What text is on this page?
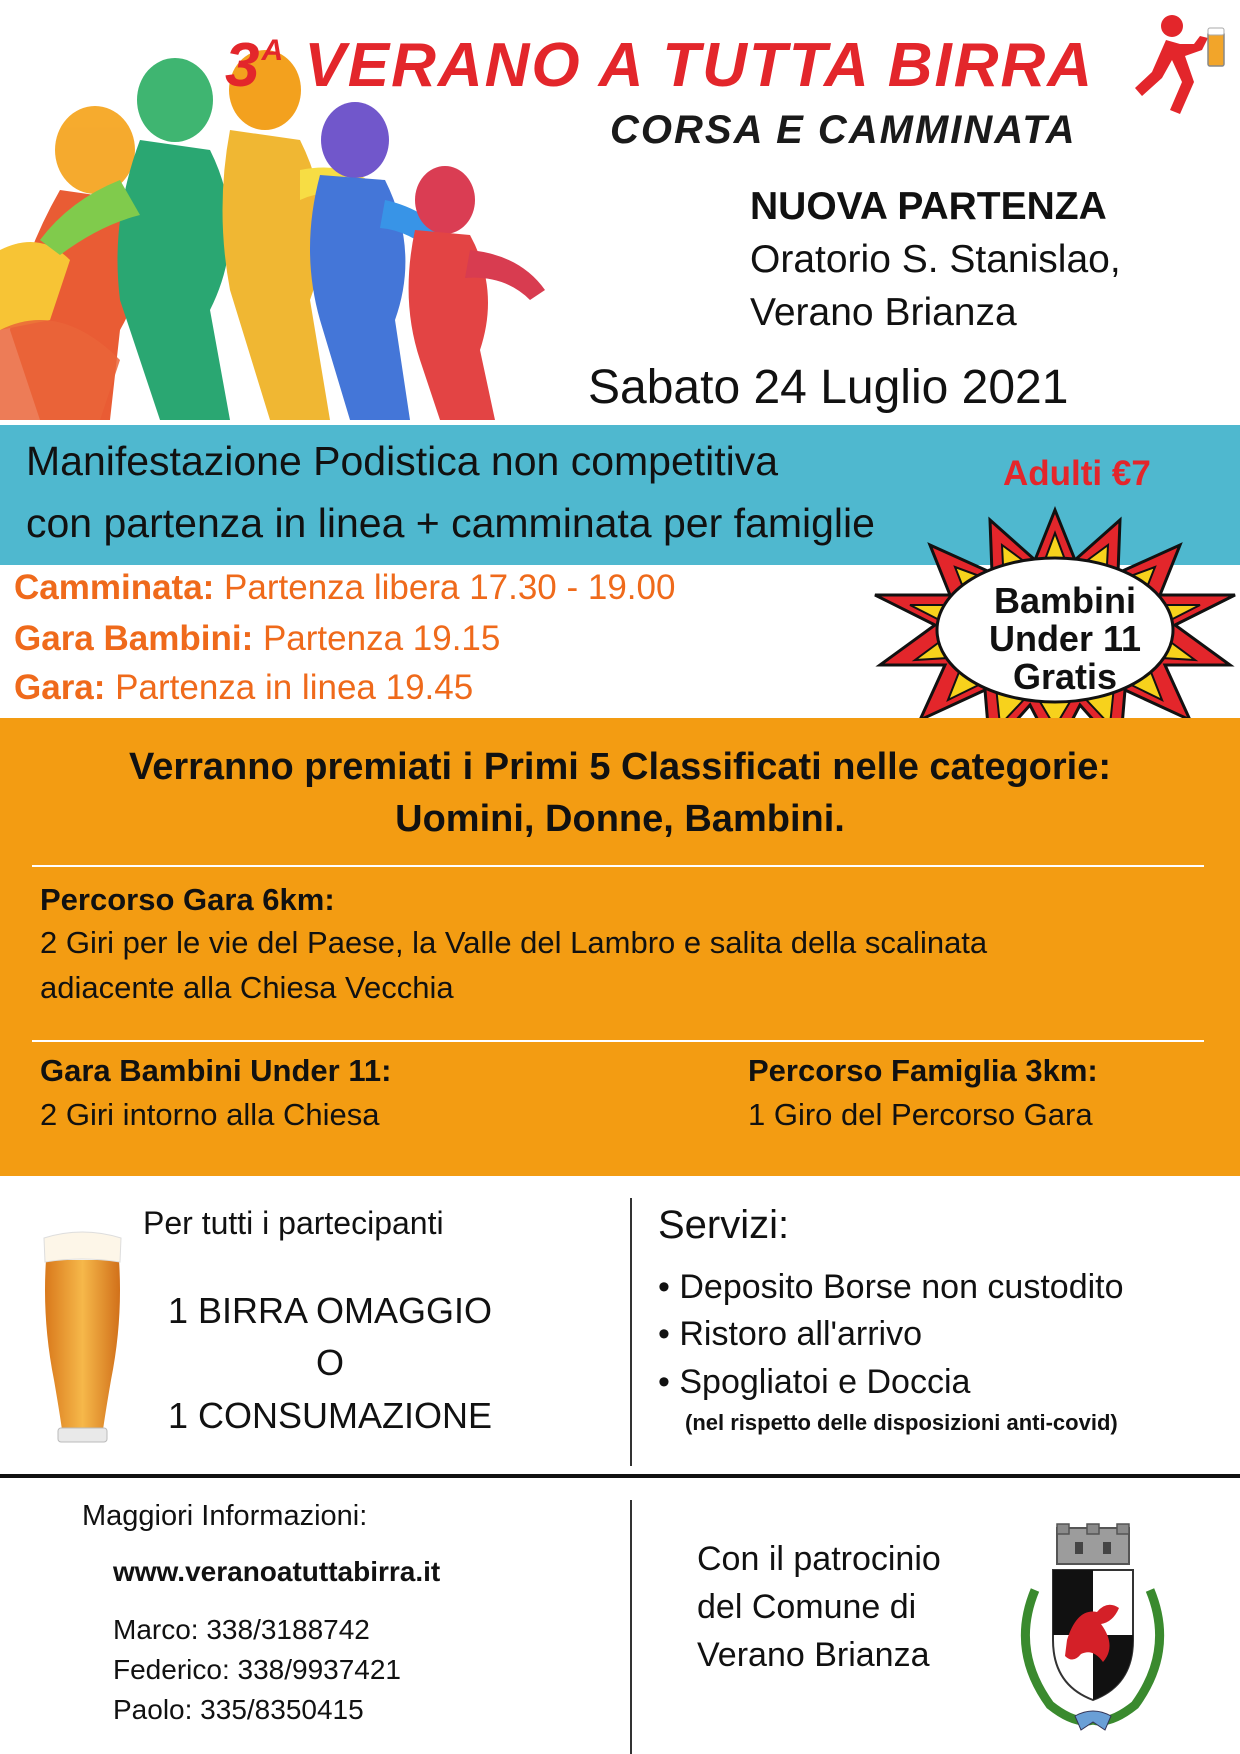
$3^A$ VERANO A TUTTA BIRRA
CORSA E CAMMINATA
NUOVA PARTENZA
Oratorio S. Stanislao,
Verano Brianza
Sabato 24 Luglio 2021
Manifestazione Podistica non competitiva
con partenza in linea + camminata per famiglie
Adulti €7
Camminata: Partenza libera 17.30 - 19.00
Gara Bambini: Partenza 19.15
Gara: Partenza in linea 19.45
Bambini
Under 11
Gratis
Verranno premiati i Primi 5 Classificati nelle categorie:
Uomini, Donne, Bambini.
Percorso Gara 6km:
2 Giri per le vie del Paese, la Valle del Lambro e salita della scalinata
adiacente alla Chiesa Vecchia
Gara Bambini Under 11:
2 Giri intorno alla Chiesa
Percorso Famiglia 3km:
1 Giro del Percorso Gara
Per tutti i partecipanti
1 BIRRA OMAGGIO
O
1 CONSUMAZIONE
Servizi:
• Deposito Borse non custodito
• Ristoro all'arrivo
• Spogliatoi e Doccia
(nel rispetto delle disposizioni anti-covid)
Maggiori Informazioni:
www.veranoatuttabirra.it
Marco: 338/3188742
Federico: 338/9937421
Paolo: 335/8350415
Con il patrocinio
del Comune di
Verano Brianza
